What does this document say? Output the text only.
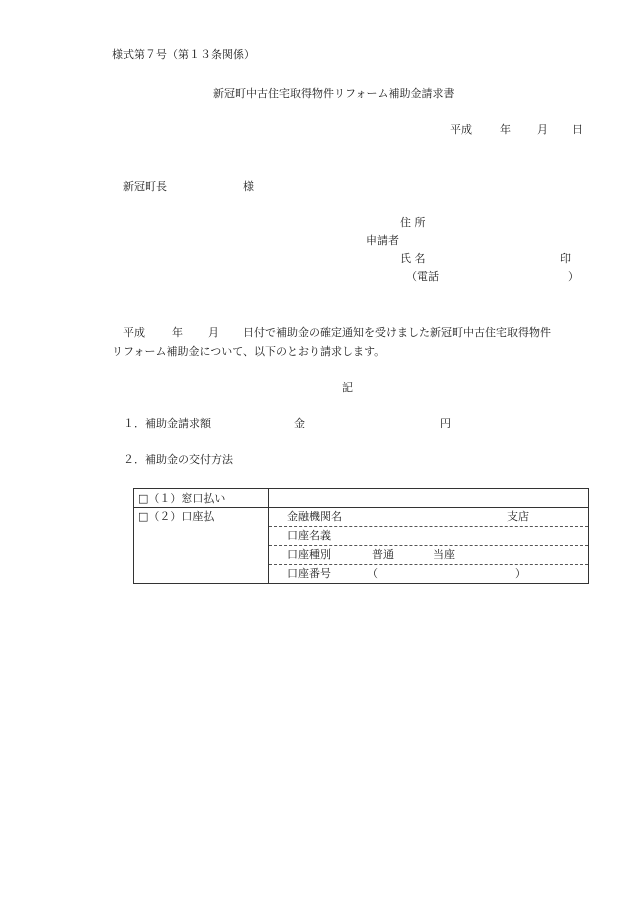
様式第７号（第１３条関係）
新冠町中古住宅取得物件リフォーム補助金請求書
平成	年 月 日
新冠町長	様
住 所
申請者
氏 名	印
（電話	）
平成 年 月 日付で補助金の確定通知を受けました新冠町中古住宅取得物件
リフォーム補助金について、以下のとおり請求します。
記
１．補助金請求額	金	円
２．補助金の交付方法
□（１）窓口払い	
□（２）口座払	金融機関名 支店

	口座名義

	口座種別 普通 当座

	口座番号 （ ）
